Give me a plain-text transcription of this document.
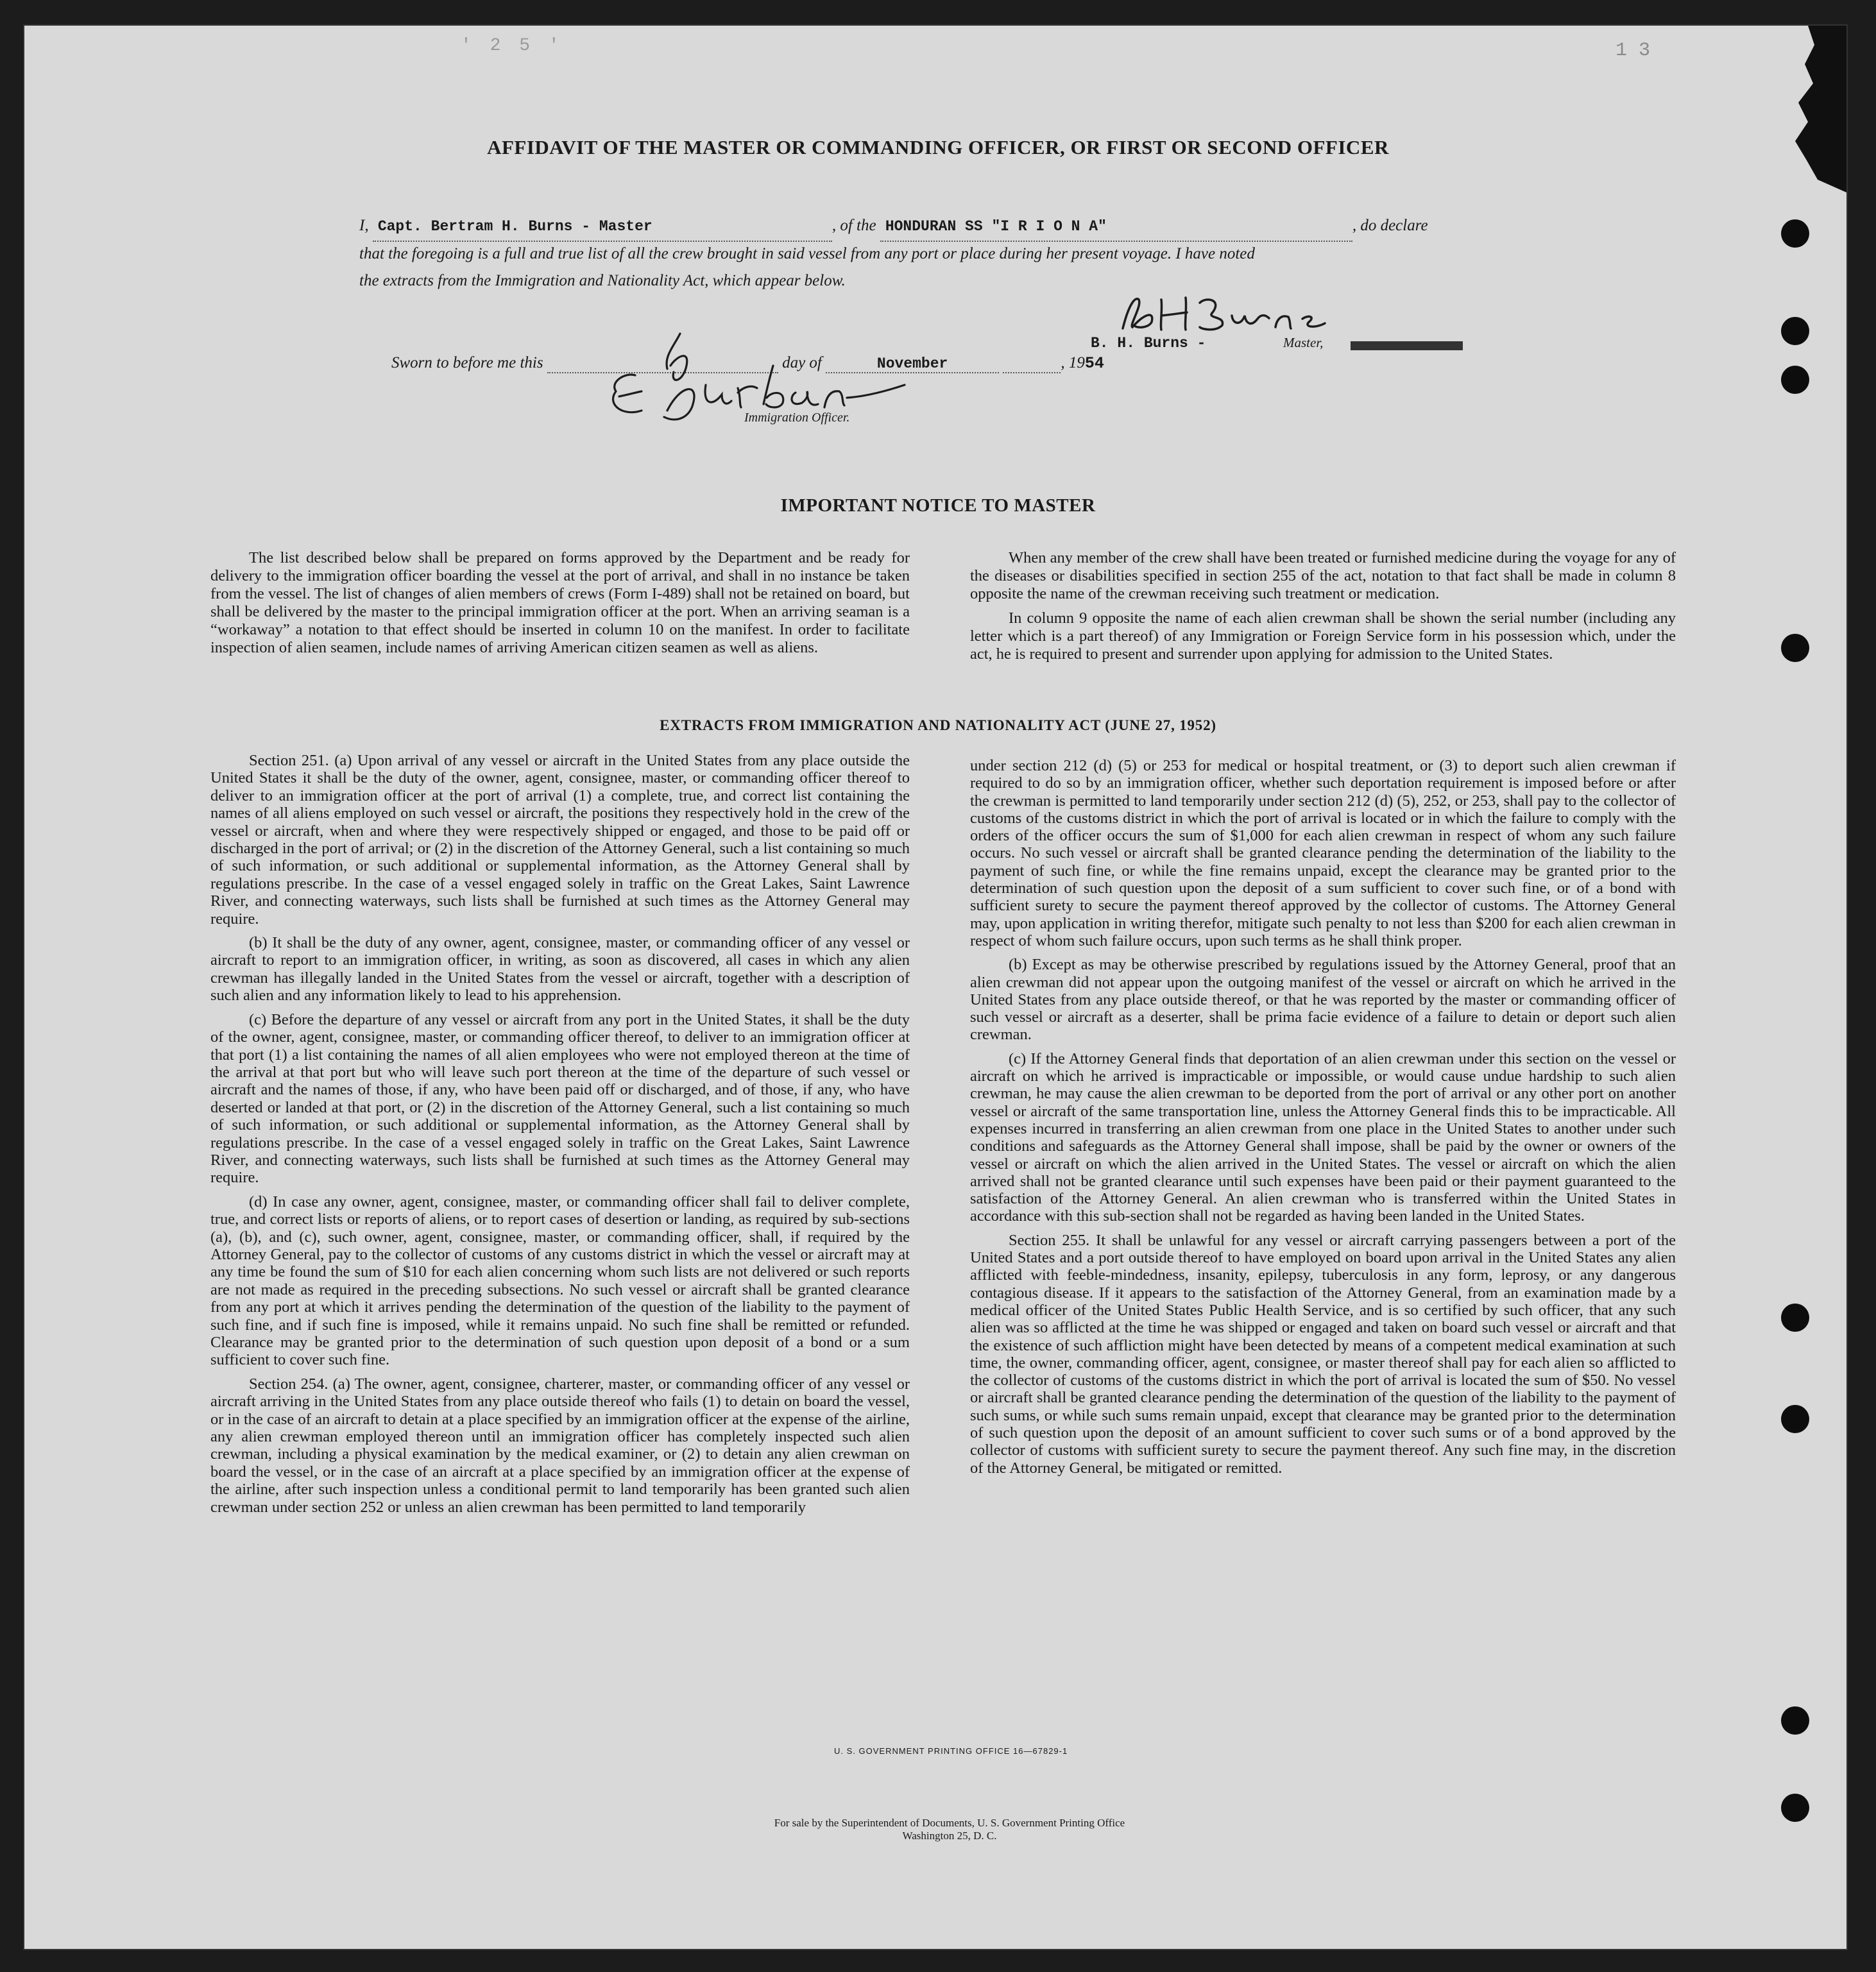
' 2 5 '	1 3
AFFIDAVIT OF THE MASTER OR COMMANDING OFFICER, OR FIRST OR SECOND OFFICER
I, Capt. Bertram H. Burns - Master	, of the HONDURAN SS "I R I O N A"	, do declare
that the foregoing is a full and true list of all the crew brought in said vessel from any port or place during her present voyage. I have noted
the extracts from the Immigration and Nationality Act, which appear below.
B. H. Burns -	Master,
Sworn to before me this	day of	November	, 1954
Immigration Officer.
IMPORTANT NOTICE TO MASTER

The list described below shall be prepared on forms approved by the Department and be ready for delivery to the immigration officer boarding the vessel at the port of arrival, and shall in no instance be taken from the vessel. The list of changes of alien members of crews (Form I-489) shall not be retained on board, but shall be delivered by the master to the principal immigration officer at the port. When an arriving seaman is a “workaway” a notation to that effect should be inserted in column 10 on the manifest. In order to facilitate inspection of alien seamen, include names of arriving American citizen seamen as well as aliens.

When any member of the crew shall have been treated or furnished medicine during the voyage for any of the diseases or disabilities specified in section 255 of the act, notation to that fact shall be made in column 8 opposite the name of the crewman receiving such treatment or medication.

In column 9 opposite the name of each alien crewman shall be shown the serial number (including any letter which is a part thereof) of any Immigration or Foreign Service form in his possession which, under the act, he is required to present and surrender upon applying for admission to the United States.

EXTRACTS FROM IMMIGRATION AND NATIONALITY ACT (JUNE 27, 1952)

Section 251. (a) Upon arrival of any vessel or aircraft in the United States from any place outside the United States it shall be the duty of the owner, agent, consignee, master, or commanding officer thereof to deliver to an immigration officer at the port of arrival (1) a complete, true, and correct list containing the names of all aliens employed on such vessel or aircraft, the positions they respectively hold in the crew of the vessel or aircraft, when and where they were respectively shipped or engaged, and those to be paid off or discharged in the port of arrival; or (2) in the discretion of the Attorney General, such a list containing so much of such information, or such additional or supplemental information, as the Attorney General shall by regulations prescribe. In the case of a vessel engaged solely in traffic on the Great Lakes, Saint Lawrence River, and connecting waterways, such lists shall be furnished at such times as the Attorney General may require.

(b) It shall be the duty of any owner, agent, consignee, master, or commanding officer of any vessel or aircraft to report to an immigration officer, in writing, as soon as discovered, all cases in which any alien crewman has illegally landed in the United States from the vessel or aircraft, together with a description of such alien and any information likely to lead to his apprehension.

(c) Before the departure of any vessel or aircraft from any port in the United States, it shall be the duty of the owner, agent, consignee, master, or commanding officer thereof, to deliver to an immigration officer at that port (1) a list containing the names of all alien employees who were not employed thereon at the time of the arrival at that port but who will leave such port thereon at the time of the departure of such vessel or aircraft and the names of those, if any, who have been paid off or discharged, and of those, if any, who have deserted or landed at that port, or (2) in the discretion of the Attorney General, such a list containing so much of such information, or such additional or supplemental information, as the Attorney General shall by regulations prescribe. In the case of a vessel engaged solely in traffic on the Great Lakes, Saint Lawrence River, and connecting waterways, such lists shall be furnished at such times as the Attorney General may require.

(d) In case any owner, agent, consignee, master, or commanding officer shall fail to deliver complete, true, and correct lists or reports of aliens, or to report cases of desertion or landing, as required by sub-sections (a), (b), and (c), such owner, agent, consignee, master, or commanding officer, shall, if required by the Attorney General, pay to the collector of customs of any customs district in which the vessel or aircraft may at any time be found the sum of $10 for each alien concerning whom such lists are not delivered or such reports are not made as required in the preceding subsections. No such vessel or aircraft shall be granted clearance from any port at which it arrives pending the determination of the question of the liability to the payment of such fine, and if such fine is imposed, while it remains unpaid. No such fine shall be remitted or refunded. Clearance may be granted prior to the determination of such question upon deposit of a bond or a sum sufficient to cover such fine.

Section 254. (a) The owner, agent, consignee, charterer, master, or commanding officer of any vessel or aircraft arriving in the United States from any place outside thereof who fails (1) to detain on board the vessel, or in the case of an aircraft to detain at a place specified by an immigration officer at the expense of the airline, any alien crewman employed thereon until an immigration officer has completely inspected such alien crewman, including a physical examination by the medical examiner, or (2) to detain any alien crewman on board the vessel, or in the case of an aircraft at a place specified by an immigration officer at the expense of the airline, after such inspection unless a conditional permit to land temporarily has been granted such alien crewman under section 252 or unless an alien crewman has been permitted to land temporarily

under section 212 (d) (5) or 253 for medical or hospital treatment, or (3) to deport such alien crewman if required to do so by an immigration officer, whether such deportation requirement is imposed before or after the crewman is permitted to land temporarily under section 212 (d) (5), 252, or 253, shall pay to the collector of customs of the customs district in which the port of arrival is located or in which the failure to comply with the orders of the officer occurs the sum of $1,000 for each alien crewman in respect of whom any such failure occurs. No such vessel or aircraft shall be granted clearance pending the determination of the liability to the payment of such fine, or while the fine remains unpaid, except the clearance may be granted prior to the determination of such question upon the deposit of a sum sufficient to cover such fine, or of a bond with sufficient surety to secure the payment thereof approved by the collector of customs. The Attorney General may, upon application in writing therefor, mitigate such penalty to not less than $200 for each alien crewman in respect of whom such failure occurs, upon such terms as he shall think proper.

(b) Except as may be otherwise prescribed by regulations issued by the Attorney General, proof that an alien crewman did not appear upon the outgoing manifest of the vessel or aircraft on which he arrived in the United States from any place outside thereof, or that he was reported by the master or commanding officer of such vessel or aircraft as a deserter, shall be prima facie evidence of a failure to detain or deport such alien crewman.

(c) If the Attorney General finds that deportation of an alien crewman under this section on the vessel or aircraft on which he arrived is impracticable or impossible, or would cause undue hardship to such alien crewman, he may cause the alien crewman to be deported from the port of arrival or any other port on another vessel or aircraft of the same transportation line, unless the Attorney General finds this to be impracticable. All expenses incurred in transferring an alien crewman from one place in the United States to another under such conditions and safeguards as the Attorney General shall impose, shall be paid by the owner or owners of the vessel or aircraft on which the alien arrived in the United States. The vessel or aircraft on which the alien arrived shall not be granted clearance until such expenses have been paid or their payment guaranteed to the satisfaction of the Attorney General. An alien crewman who is transferred within the United States in accordance with this sub-section shall not be regarded as having been landed in the United States.

Section 255. It shall be unlawful for any vessel or aircraft carrying passengers between a port of the United States and a port outside thereof to have employed on board upon arrival in the United States any alien afflicted with feeble-mindedness, insanity, epilepsy, tuberculosis in any form, leprosy, or any dangerous contagious disease. If it appears to the satisfaction of the Attorney General, from an examination made by a medical officer of the United States Public Health Service, and is so certified by such officer, that any such alien was so afflicted at the time he was shipped or engaged and taken on board such vessel or aircraft and that the existence of such affliction might have been detected by means of a competent medical examination at such time, the owner, commanding officer, agent, consignee, or master thereof shall pay for each alien so afflicted to the collector of customs of the customs district in which the port of arrival is located the sum of $50. No vessel or aircraft shall be granted clearance pending the determination of the question of the liability to the payment of such sums, or while such sums remain unpaid, except that clearance may be granted prior to the determination of such question upon the deposit of an amount sufficient to cover such sums or of a bond approved by the collector of customs with sufficient surety to secure the payment thereof. Any such fine may, in the discretion of the Attorney General, be mitigated or remitted.

U. S. GOVERNMENT PRINTING OFFICE 16—67829-1
For sale by the Superintendent of Documents, U. S. Government Printing Office
Washington 25, D. C.
